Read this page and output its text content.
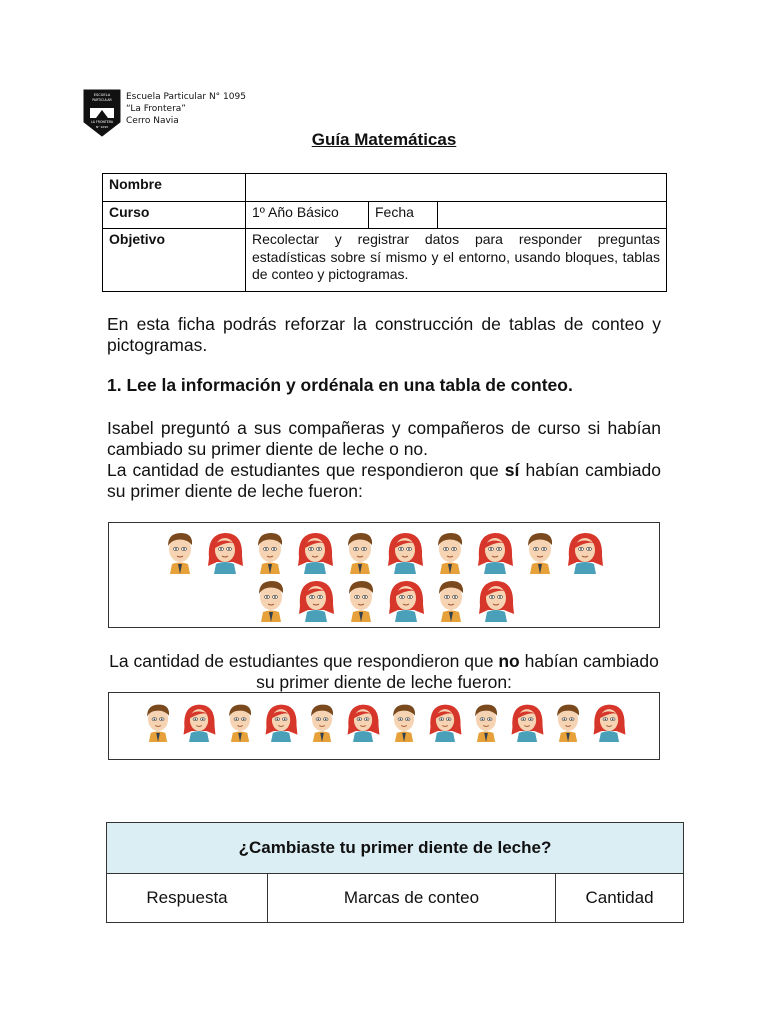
ESCUELA
PARTICULAR
LA FRONTERA
N° 1095
Escuela Particular N° 1095
“La Frontera”
Cerro Navia
Guía Matemáticas
Nombre			
Curso	1º Año Básico	Fecha	
Objetivo	Recolectar y registrar datos para responder preguntas estadísticas sobre sí mismo y el entorno, usando bloques, tablas de conteo y pictogramas.		
En esta ficha podrás reforzar la construcción de tablas de conteo y pictogramas.
1. Lee la información y ordénala en una tabla de conteo.
Isabel preguntó a sus compañeras y compañeros de curso si habían cambiado su primer diente de leche o no.
La cantidad de estudiantes que respondieron que sí habían cambiado su primer diente de leche fueron:
La cantidad de estudiantes que respondieron que no habían cambiado su primer diente de leche fueron:
¿Cambiaste tu primer diente de leche?
Respuesta	Marcas de conteo	Cantidad
